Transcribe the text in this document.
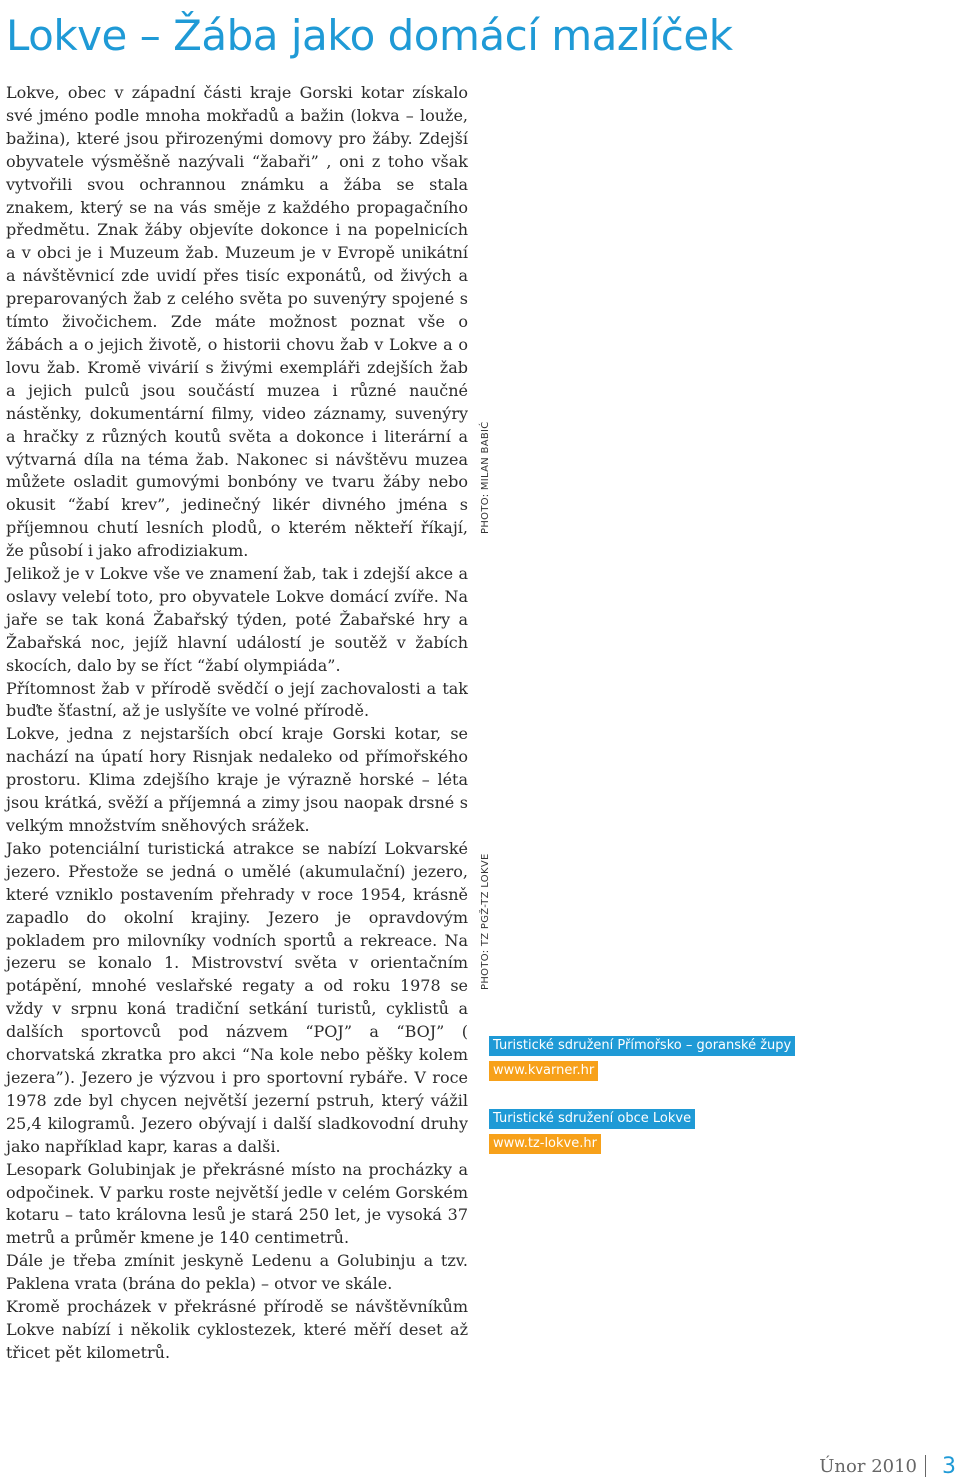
Lokve – Žába jako domácí mazlíček

Lokve, obec v západní části kraje Gorski kotar získalo své jméno podle mnoha mokřadů a bažin (lokva – louže, bažina), které jsou přirozenými domovy pro žáby. Zdejší obyvatele výsměšně nazývali “žabaři” , oni z toho však vytvořili svou ochrannou známku a žába se stala znakem, který se na vás směje z každého propagačního předmětu. Znak žáby objevíte dokonce i na popelnicích a v obci je i Muzeum žab. Muzeum je v Evropě unikátní a návštěvnicí zde uvidí přes tisíc exponátů, od živých a preparovaných žab z celého světa po suvenýry spojené s tímto živočichem. Zde máte možnost poznat vše o žábách a o jejich životě, o historii chovu žab v Lokve a o lovu žab. Kromě vivárií s živými exempláři zdejších žab a jejich pulců jsou součástí muzea i různé naučné nástěnky, dokumentární filmy, video záznamy, suvenýry a hračky z různých koutů světa a dokonce i literární a výtvarná díla na téma žab. Nakonec si návštěvu muzea můžete osladit gumovými bonbóny ve tvaru žáby nebo okusit “žabí krev”, jedinečný likér divného jména s příjemnou chutí lesních plodů, o kterém někteří říkají, že působí i jako afrodiziakum.

Jelikož je v Lokve vše ve znamení žab, tak i zdejší akce a oslavy velebí toto, pro obyvatele Lokve domácí zvíře. Na jaře se tak koná Žabařský týden, poté Žabařské hry a Žabařská noc, jejíž hlavní událostí je soutěž v žabích skocích, dalo by se říct “žabí olympiáda”.

Přítomnost žab v přírodě svědčí o její zachovalosti a tak buďte šťastní, až je uslyšíte ve volné přírodě.

Lokve, jedna z nejstarších obcí kraje Gorski kotar, se nachází na úpatí hory Risnjak nedaleko od přímořského prostoru. Klima zdejšího kraje je výrazně horské – léta jsou krátká, svěží a příjemná a zimy jsou naopak drsné s velkým množstvím sněhových srážek.

Jako potenciální turistická atrakce se nabízí Lokvarské jezero. Přestože se jedná o umělé (akumulační) jezero, které vzniklo postavením přehrady v roce 1954, krásně zapadlo do okolní krajiny. Jezero je opravdovým pokladem pro milovníky vodních sportů a rekreace. Na jezeru se konalo 1. Mistrovství světa v orientačním potápění, mnohé veslařské regaty a od roku 1978 se vždy v srpnu koná tradiční setkání turistů, cyklistů a dalších sportovců pod názvem “POJ” a “BOJ” ( chorvatská zkratka pro akci “Na kole nebo pěšky kolem jezera”). Jezero je výzvou i pro sportovní rybáře. V roce 1978 zde byl chycen největší jezerní pstruh, který vážil 25,4 kilogramů. Jezero obývají i další sladkovodní druhy jako například kapr, karas a dalši.

Lesopark Golubinjak je překrásné místo na procházky a odpočinek. V parku roste největší jedle v celém Gorském kotaru – tato královna lesů je stará 250 let, je vysoká 37 metrů a průměr kmene je 140 centimetrů.

Dále je třeba zmínit jeskyně Ledenu a Golubinju a tzv. Paklena vrata (brána do pekla) – otvor ve skále.

Kromě procházek v překrásné přírodě se návštěvníkům Lokve nabízí i několik cyklostezek, které měří deset až třicet pět kilometrů.

PHOTO: MILAN BABIĆ
PHOTO: TZ PGŽ-TZ LOKVE
Turistické sdružení Přímořsko – goranské župy
www.kvarner.hr
Turistické sdružení obce Lokve
www.tz-lokve.hr
Únor 2010 3
